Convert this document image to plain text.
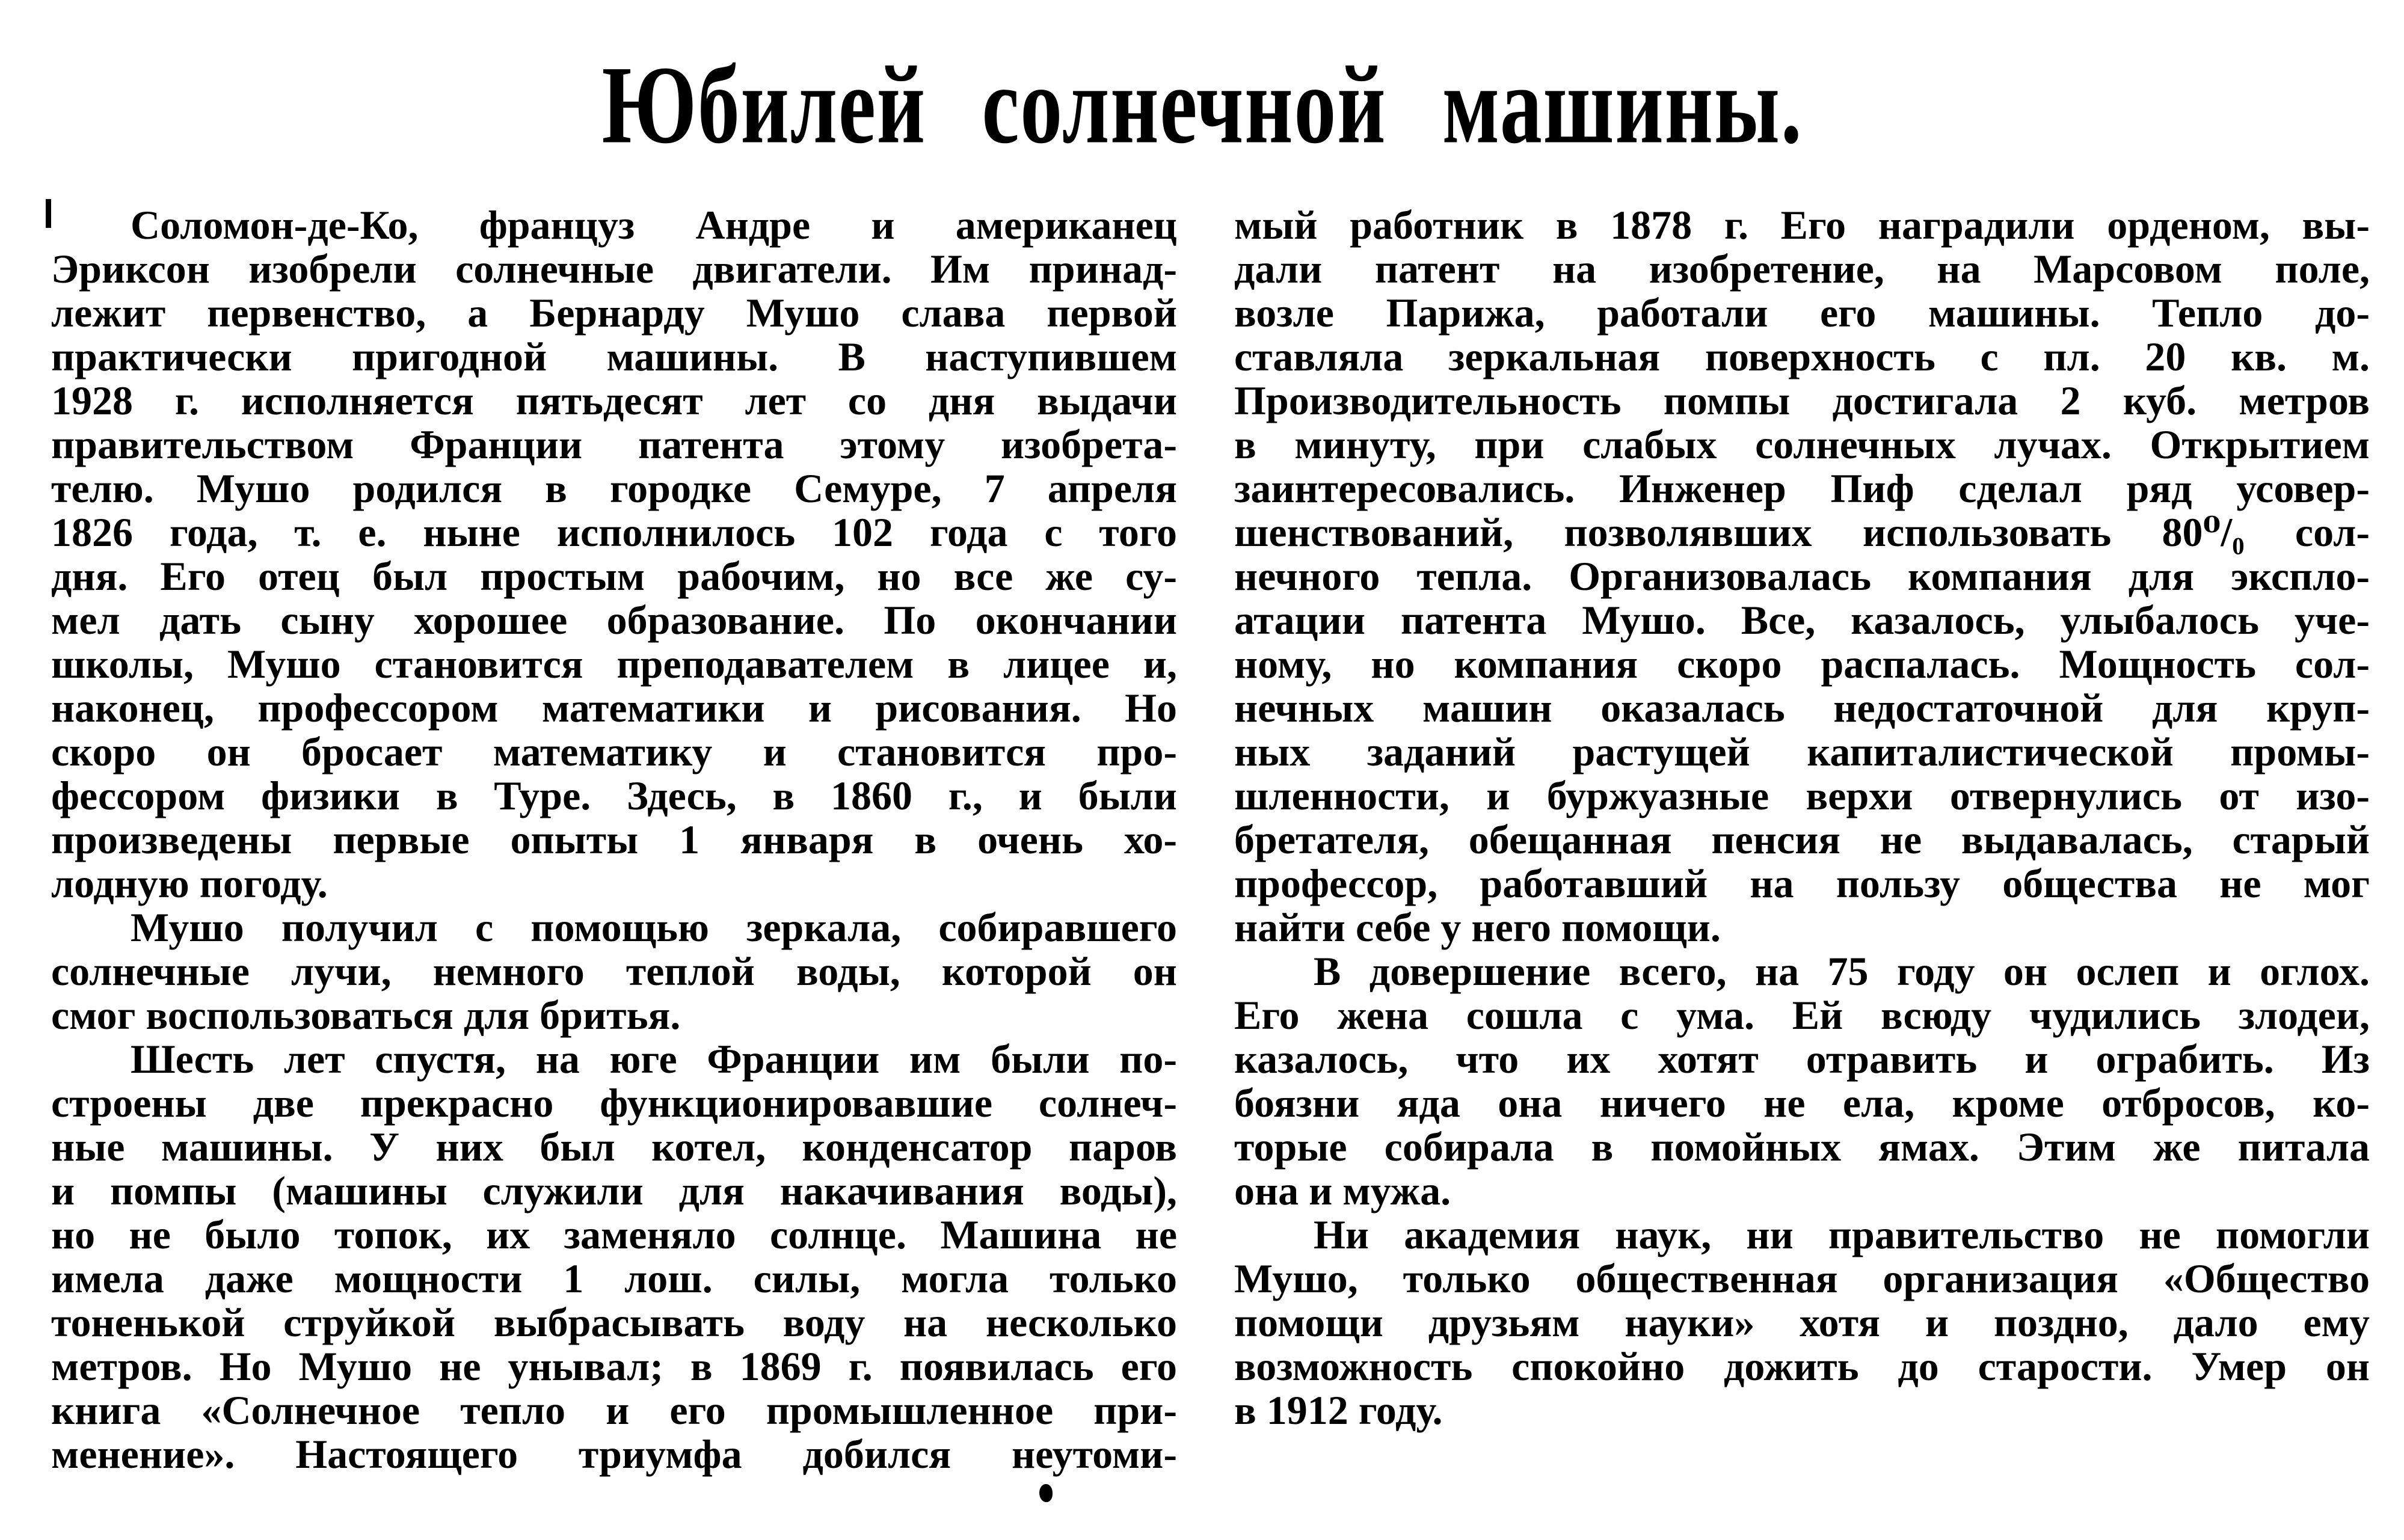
Юбилей солнечной машины.
Соломон-де-Ко, француз Андре и американец
Эриксон изобрели солнечные двигатели. Им принад-
лежит первенство, а Бернарду Мушо слава первой
практически пригодной машины. В наступившем
1928 г. исполняется пятьдесят лет со дня выдачи
правительством Франции патента этому изобрета-
телю. Мушо родился в городке Семуре, 7 апреля
1826 года, т. е. ныне исполнилось 102 года с того
дня. Его отец был простым рабочим, но все же су-
мел дать сыну хорошее образование. По окончании
школы, Мушо становится преподавателем в лицее и,
наконец, профессором математики и рисования. Но
скоро он бросает математику и становится про-
фессором физики в Туре. Здесь, в 1860 г., и были
произведены первые опыты 1 января в очень хо-
лодную погоду.
Мушо получил с помощью зеркала, собиравшего
солнечные лучи, немного теплой воды, которой он
смог воспользоваться для бритья.
Шесть лет спустя, на юге Франции им были по-
строены две прекрасно функционировавшие солнеч-
ные машины. У них был котел, конденсатор паров
и помпы (машины служили для накачивания воды),
но не было топок, их заменяло солнце. Машина не
имела даже мощности 1 лош. силы, могла только
тоненькой струйкой выбрасывать воду на несколько
метров. Но Мушо не унывал; в 1869 г. появилась его
книга «Солнечное тепло и его промышленное при-
менение». Настоящего триумфа добился неутоми-
мый работник в 1878 г. Его наградили орденом, вы-
дали патент на изобретение, на Марсовом поле,
возле Парижа, работали его машины. Тепло до-
ставляла зеркальная поверхность с пл. 20 кв. м.
Производительность помпы достигала 2 куб. метров
в минуту, при слабых солнечных лучах. Открытием
заинтересовались. Инженер Пиф сделал ряд усовер-
шенствований, позволявших использовать 80⁰/₀ сол-
нечного тепла. Организовалась компания для экспло-
атации патента Мушо. Все, казалось, улыбалось уче-
ному, но компания скоро распалась. Мощность сол-
нечных машин оказалась недостаточной для круп-
ных заданий растущей капиталистической промы-
шленности, и буржуазные верхи отвернулись от изо-
бретателя, обещанная пенсия не выдавалась, старый
профессор, работавший на пользу общества не мог
найти себе у него помощи.
В довершение всего, на 75 году он ослеп и оглох.
Его жена сошла с ума. Ей всюду чудились злодеи,
казалось, что их хотят отравить и ограбить. Из
боязни яда она ничего не ела, кроме отбросов, ко-
торые собирала в помойных ямах. Этим же питала
она и мужа.
Ни академия наук, ни правительство не помогли
Мушо, только общественная организация «Общество
помощи друзьям науки» хотя и поздно, дало ему
возможность спокойно дожить до старости. Умер он
в 1912 году.
